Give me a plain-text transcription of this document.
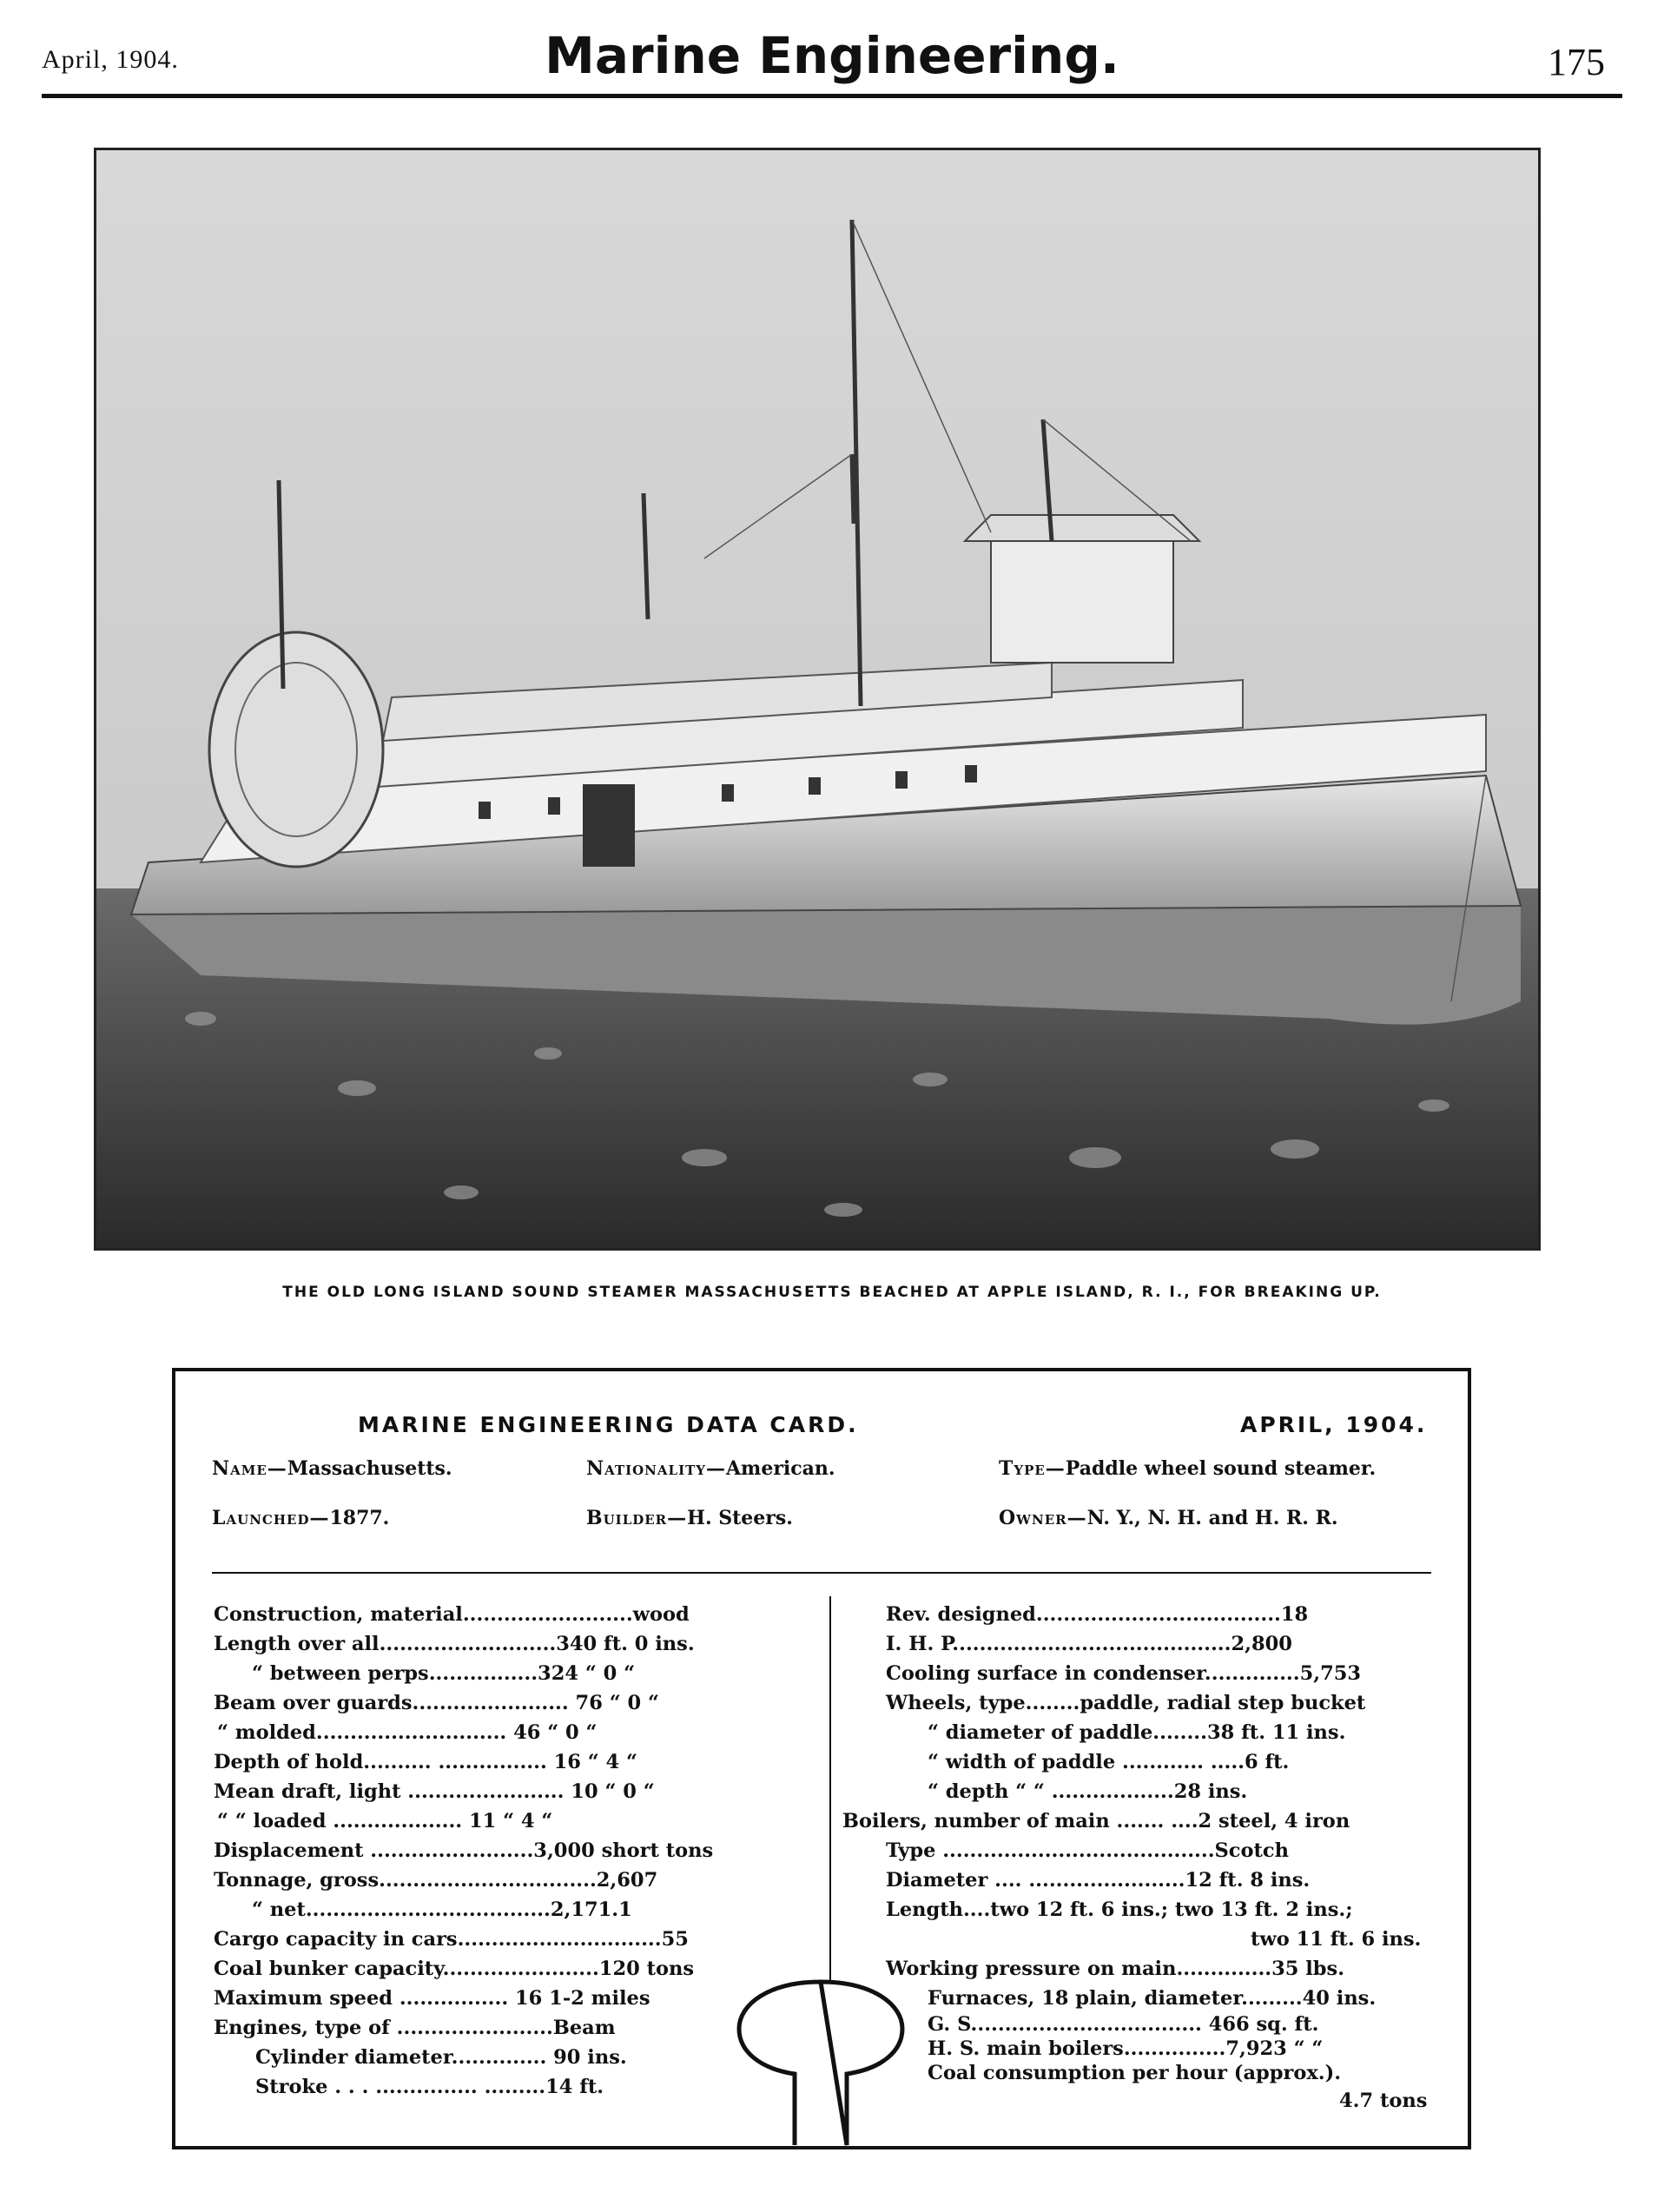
April, 1904.	Marine Engineering.	175
THE OLD LONG ISLAND SOUND STEAMER MASSACHUSETTS BEACHED AT APPLE ISLAND, R. I., FOR BREAKING UP.
MARINE ENGINEERING DATA CARD.	APRIL, 1904.
Name—Massachusetts.	Nationality—American.	Type—Paddle wheel sound steamer.
Launched—1877.	Builder—H. Steers.	Owner—N. Y., N. H. and H. R. R.
Construction, material.........................wood
Length over all..........................340 ft. 0 ins.
“ between perps................324 “ 0 “
Beam over guards....................... 76 “ 0 “
“ molded............................ 46 “ 0 “
Depth of hold.......... ................ 16 “ 4 “
Mean draft, light ....................... 10 “ 0 “
“ “ loaded ................... 11 “ 4 “
Displacement ........................3,000 short tons
Tonnage, gross................................2,607
“ net....................................2,171.1
Cargo capacity in cars..............................55
Coal bunker capacity.......................120 tons
Maximum speed ................ 16 1-2 miles
Engines, type of .......................Beam
Cylinder diameter.............. 90 ins.
Stroke . . . ............... .........14 ft.
Rev. designed....................................18
I. H. P.........................................2,800
Cooling surface in condenser..............5,753
Wheels, type........paddle, radial step bucket
“ diameter of paddle........38 ft. 11 ins.
“ width of paddle ............ .....6 ft.
“ depth “ “ ..................28 ins.
Boilers, number of main ....... ....2 steel, 4 iron
Type ........................................Scotch
Diameter .... .......................12 ft. 8 ins.
Length....two 12 ft. 6 ins.; two 13 ft. 2 ins.;
two 11 ft. 6 ins.
Working pressure on main..............35 lbs.
Furnaces, 18 plain, diameter.........40 ins.
G. S.................................. 466 sq. ft.
H. S. main boilers...............7,923 “ “
Coal consumption per hour (approx.).
4.7 tons
